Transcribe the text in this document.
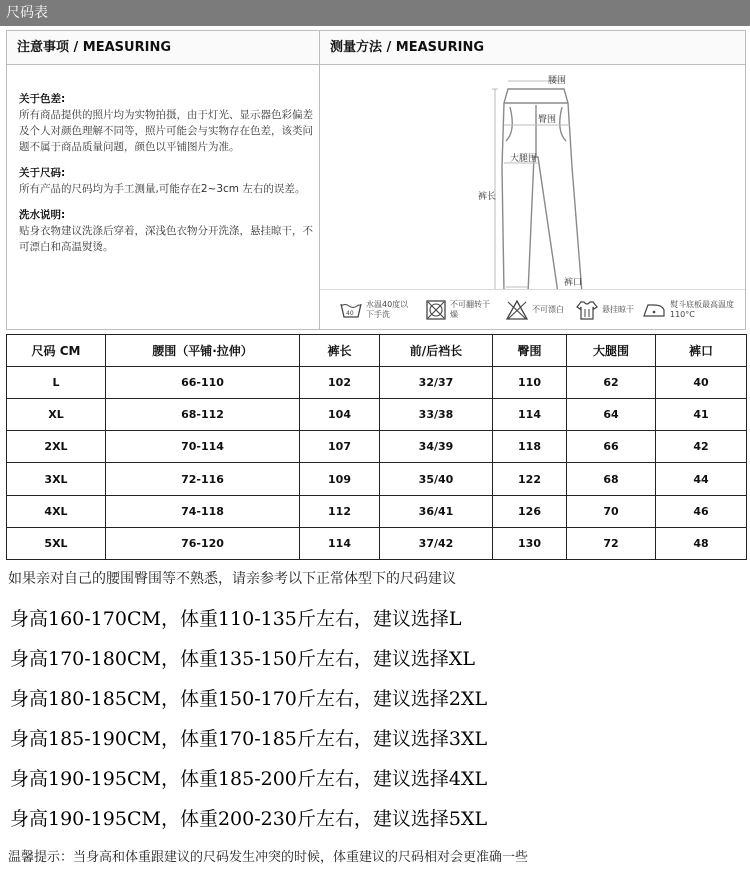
尺码表
注意事项 / MEASURING

关于色差:

所有商品提供的照片均为实物拍摄，由于灯光、显示器色彩偏差及个人对颜色理解不同等，照片可能会与实物存在色差，该类问题不属于商品质量问题，颜色以平铺图片为准。

关于尺码:

所有产品的尺码均为手工测量,可能存在2~3cm 左右的误差。

洗水说明:

贴身衣物建议洗涤后穿着，深浅色衣物分开洗涤，悬挂晾干，不可漂白和高温熨烫。

测量方法 / MEASURING
腰围
臀围
裤长
大腿围
裤口
40
水温40度以下手洗
不可翻转干燥
不可漂白	悬挂晾干
熨斗底板最高温度110°C
尺码 CM	腰围（平铺·拉伸）	裤长	前/后裆长	臀围	大腿围	裤口
L	66-110	102	32/37	110	62	40
XL	68-112	104	33/38	114	64	41
2XL	70-114	107	34/39	118	66	42
3XL	72-116	109	35/40	122	68	44
4XL	74-118	112	36/41	126	70	46
5XL	76-120	114	37/42	130	72	48
如果亲对自己的腰围臀围等不熟悉，请亲参考以下正常体型下的尺码建议
身高160-170CM，体重110-135斤左右，建议选择L
身高170-180CM，体重135-150斤左右，建议选择XL
身高180-185CM，体重150-170斤左右，建议选择2XL
身高185-190CM，体重170-185斤左右，建议选择3XL
身高190-195CM，体重185-200斤左右，建议选择4XL
身高190-195CM，体重200-230斤左右，建议选择5XL
温馨提示：当身高和体重跟建议的尺码发生冲突的时候，体重建议的尺码相对会更准确一些
